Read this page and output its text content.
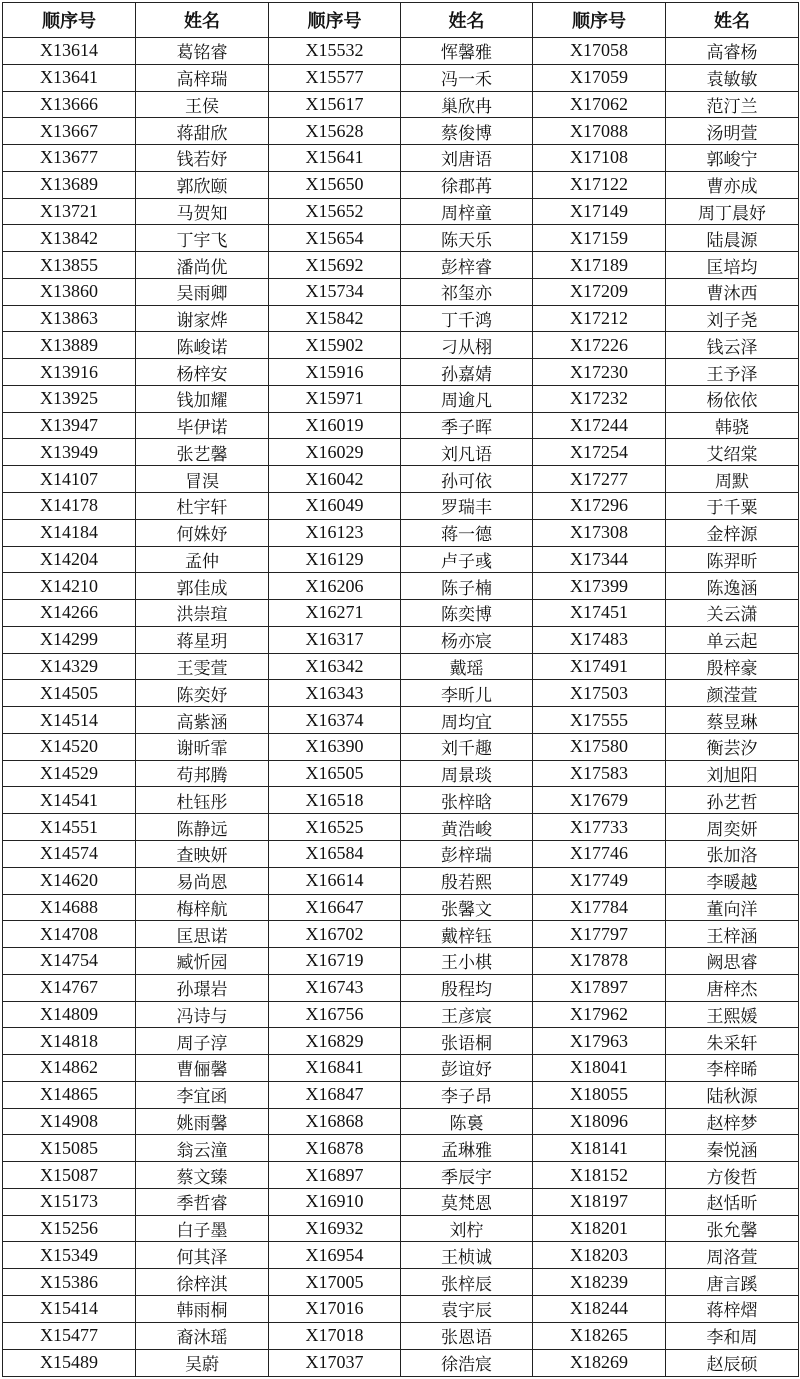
顺序号	姓名	顺序号	姓名	顺序号	姓名
X13614	葛铭睿	X15532	恽馨雅	X17058	高睿杨
X13641	高梓瑞	X15577	冯一禾	X17059	袁敏敏
X13666	王侯	X15617	巢欣冉	X17062	范汀兰
X13667	蒋甜欣	X15628	蔡俊博	X17088	汤明萱
X13677	钱若妤	X15641	刘唐语	X17108	郭峻宁
X13689	郭欣颐	X15650	徐郡苒	X17122	曹亦成
X13721	马贺知	X15652	周梓童	X17149	周丁晨妤
X13842	丁宇飞	X15654	陈天乐	X17159	陆晨源
X13855	潘尚优	X15692	彭梓睿	X17189	匡培均
X13860	吴雨卿	X15734	祁玺亦	X17209	曹沐西
X13863	谢家烨	X15842	丁千鸿	X17212	刘子尧
X13889	陈峻诺	X15902	刁从栩	X17226	钱云泽
X13916	杨梓安	X15916	孙嘉婧	X17230	王予泽
X13925	钱加耀	X15971	周逾凡	X17232	杨依依
X13947	毕伊诺	X16019	季子晖	X17244	韩骁
X13949	张艺馨	X16029	刘凡语	X17254	艾绍棠
X14107	冒淏	X16042	孙可依	X17277	周默
X14178	杜宇轩	X16049	罗瑞丰	X17296	于千粟
X14184	何姝妤	X16123	蒋一德	X17308	金梓源
X14204	孟仲	X16129	卢子彧	X17344	陈羿昕
X14210	郭佳成	X16206	陈子楠	X17399	陈逸涵
X14266	洪崇瑄	X16271	陈奕博	X17451	关云潇
X14299	蒋星玥	X16317	杨亦宸	X17483	单云起
X14329	王雯萱	X16342	戴瑶	X17491	殷梓豪
X14505	陈奕妤	X16343	李昕儿	X17503	颜滢萱
X14514	高紫涵	X16374	周均宜	X17555	蔡昱琳
X14520	谢昕霏	X16390	刘千趣	X17580	衡芸汐
X14529	苟邦腾	X16505	周景琰	X17583	刘旭阳
X14541	杜钰彤	X16518	张梓晗	X17679	孙艺哲
X14551	陈静远	X16525	黄浩峻	X17733	周奕妍
X14574	查映妍	X16584	彭梓瑞	X17746	张加洛
X14620	易尚恩	X16614	殷若熙	X17749	李暖越
X14688	梅梓航	X16647	张馨文	X17784	董向洋
X14708	匡思诺	X16702	戴梓钰	X17797	王梓涵
X14754	臧忻园	X16719	王小棋	X17878	阙思睿
X14767	孙璟岩	X16743	殷程均	X17897	唐梓杰
X14809	冯诗与	X16756	王彦宸	X17962	王熙媛
X14818	周子淳	X16829	张语桐	X17963	朱采轩
X14862	曹俪馨	X16841	彭谊妤	X18041	李梓晞
X14865	李宜函	X16847	李子昂	X18055	陆秋源
X14908	姚雨馨	X16868	陈裛	X18096	赵梓梦
X15085	翁云潼	X16878	孟琳雅	X18141	秦悦涵
X15087	蔡文臻	X16897	季辰宇	X18152	方俊哲
X15173	季哲睿	X16910	莫梵恩	X18197	赵恬昕
X15256	白子墨	X16932	刘柠	X18201	张允馨
X15349	何其泽	X16954	王桢诚	X18203	周洛萱
X15386	徐梓淇	X17005	张梓辰	X18239	唐言蹊
X15414	韩雨桐	X17016	袁宇辰	X18244	蒋梓熠
X15477	裔沐瑶	X17018	张恩语	X18265	李和周
X15489	吴蔚	X17037	徐浩宸	X18269	赵辰硕
